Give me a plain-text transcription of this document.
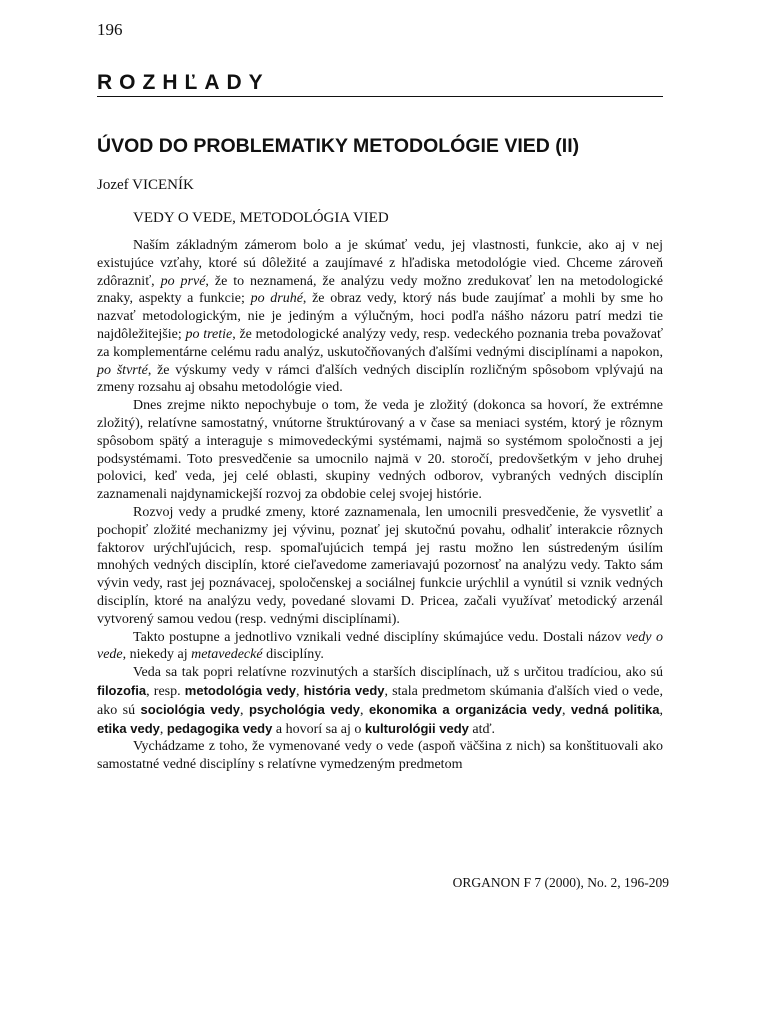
196
ROZHĽADY
ÚVOD DO PROBLEMATIKY METODOLÓGIE VIED (II)
Jozef VICENÍK
VEDY O VEDE, METODOLÓGIA VIED

Naším základným zámerom bolo a je skúmať vedu, jej vlastnosti, funkcie, ako aj v nej existujúce vzťahy, ktoré sú dôležité a zaujímavé z hľadiska metodológie vied. Chceme zároveň zdôrazniť, po prvé, že to neznamená, že analýzu vedy možno zredukovať len na metodologické znaky, aspekty a funkcie; po druhé, že obraz vedy, ktorý nás bude zaujímať a mohli by sme ho nazvať metodologickým, nie je jediným a výlučným, hoci podľa nášho názoru patrí medzi tie najdôležitejšie; po tretie, že metodologické analýzy vedy, resp. vedeckého poznania treba považovať za komplementárne celému radu analýz, uskutočňovaných ďalšími vednými disciplínami a napokon, po štvrté, že výskumy vedy v rámci ďalších vedných disciplín rozličným spôsobom vplývajú na zmeny rozsahu aj obsahu metodológie vied.

Dnes zrejme nikto nepochybuje o tom, že veda je zložitý (dokonca sa hovorí, že extrémne zložitý), relatívne samostatný, vnútorne štruktúrovaný a v čase sa meniaci systém, ktorý je rôznym spôsobom spätý a interaguje s mimovedeckými systémami, najmä so systémom spoločnosti a jej podsystémami. Toto presvedčenie sa umocnilo najmä v 20. storočí, predovšetkým v jeho druhej polovici, keď veda, jej celé oblasti, skupiny vedných odborov, vybraných vedných disciplín zaznamenali najdynamickejší rozvoj za obdobie celej svojej histórie.

Rozvoj vedy a prudké zmeny, ktoré zaznamenala, len umocnili presvedčenie, že vysvetliť a pochopiť zložité mechanizmy jej vývinu, poznať jej skutočnú povahu, odhaliť interakcie rôznych faktorov urýchľujúcich, resp. spomaľujúcich tempá jej rastu možno len sústredeným úsilím mnohých vedných disciplín, ktoré cieľavedome zameriavajú pozornosť na analýzu vedy. Takto sám vývin vedy, rast jej poznávacej, spoločenskej a sociálnej funkcie urýchlil a vynútil si vznik vedných disciplín, ktoré na analýzu vedy, povedané slovami D. Pricea, začali využívať metodický arzenál vytvorený samou vedou (resp. vednými disciplínami).

Takto postupne a jednotlivo vznikali vedné disciplíny skúmajúce vedu. Dostali názov vedy o vede, niekedy aj metavedecké disciplíny.

Veda sa tak popri relatívne rozvinutých a starších disciplínach, už s určitou tradíciou, ako sú filozofia, resp. metodológia vedy, história vedy, stala predmetom skúmania ďalších vied o vede, ako sú sociológia vedy, psychológia vedy, ekonomika a organizácia vedy, vedná politika, etika vedy, pedagogika vedy a hovorí sa aj o kulturológii vedy atď.

Vychádzame z toho, že vymenované vedy o vede (aspoň väčšina z nich) sa konštituovali ako samostatné vedné disciplíny s relatívne vymedzeným predmetom

ORGANON F 7 (2000), No. 2, 196-209
